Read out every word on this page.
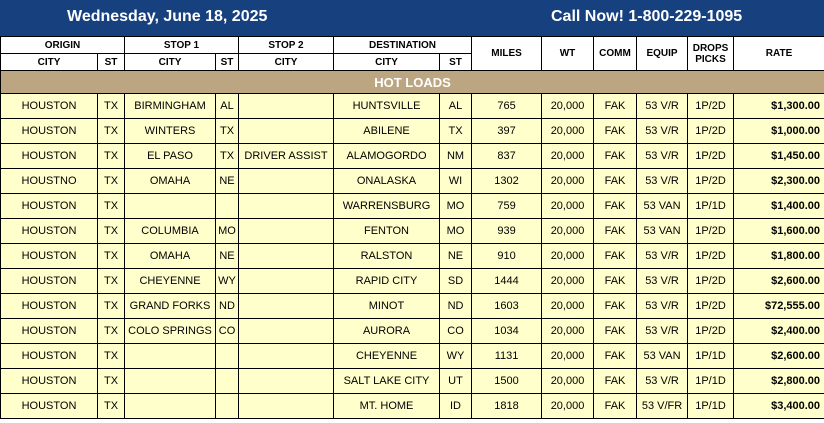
Wednesday, June 18, 2025	Call Now! 1-800-229-1095
ORIGIN		STOP 1		STOP 2	DESTINATION		MILES	WT	COMM	EQUIP	DROPS
PICKS	RATE
CITY	ST	CITY	ST	CITY	CITY	ST						
HOT LOADS												
HOUSTON	TX	BIRMINGHAM	AL		HUNTSVILLE	AL	765	20,000	FAK	53 V/R	1P/2D	$1,300.00
HOUSTON	TX	WINTERS	TX		ABILENE	TX	397	20,000	FAK	53 V/R	1P/2D	$1,000.00
HOUSTON	TX	EL PASO	TX	DRIVER ASSIST	ALAMOGORDO	NM	837	20,000	FAK	53 V/R	1P/2D	$1,450.00
HOUSTNO	TX	OMAHA	NE		ONALASKA	WI	1302	20,000	FAK	53 V/R	1P/2D	$2,300.00
HOUSTON	TX				WARRENSBURG	MO	759	20,000	FAK	53 VAN	1P/1D	$1,400.00
HOUSTON	TX	COLUMBIA	MO		FENTON	MO	939	20,000	FAK	53 VAN	1P/2D	$1,600.00
HOUSTON	TX	OMAHA	NE		RALSTON	NE	910	20,000	FAK	53 V/R	1P/2D	$1,800.00
HOUSTON	TX	CHEYENNE	WY		RAPID CITY	SD	1444	20,000	FAK	53 V/R	1P/2D	$2,600.00
HOUSTON	TX	GRAND FORKS	ND		MINOT	ND	1603	20,000	FAK	53 V/R	1P/2D	$72,555.00
HOUSTON	TX	COLO SPRINGS	CO		AURORA	CO	1034	20,000	FAK	53 V/R	1P/2D	$2,400.00
HOUSTON	TX				CHEYENNE	WY	1131	20,000	FAK	53 VAN	1P/1D	$2,600.00
HOUSTON	TX				SALT LAKE CITY	UT	1500	20,000	FAK	53 V/R	1P/1D	$2,800.00
HOUSTON	TX				MT. HOME	ID	1818	20,000	FAK	53 V/FR	1P/1D	$3,400.00
